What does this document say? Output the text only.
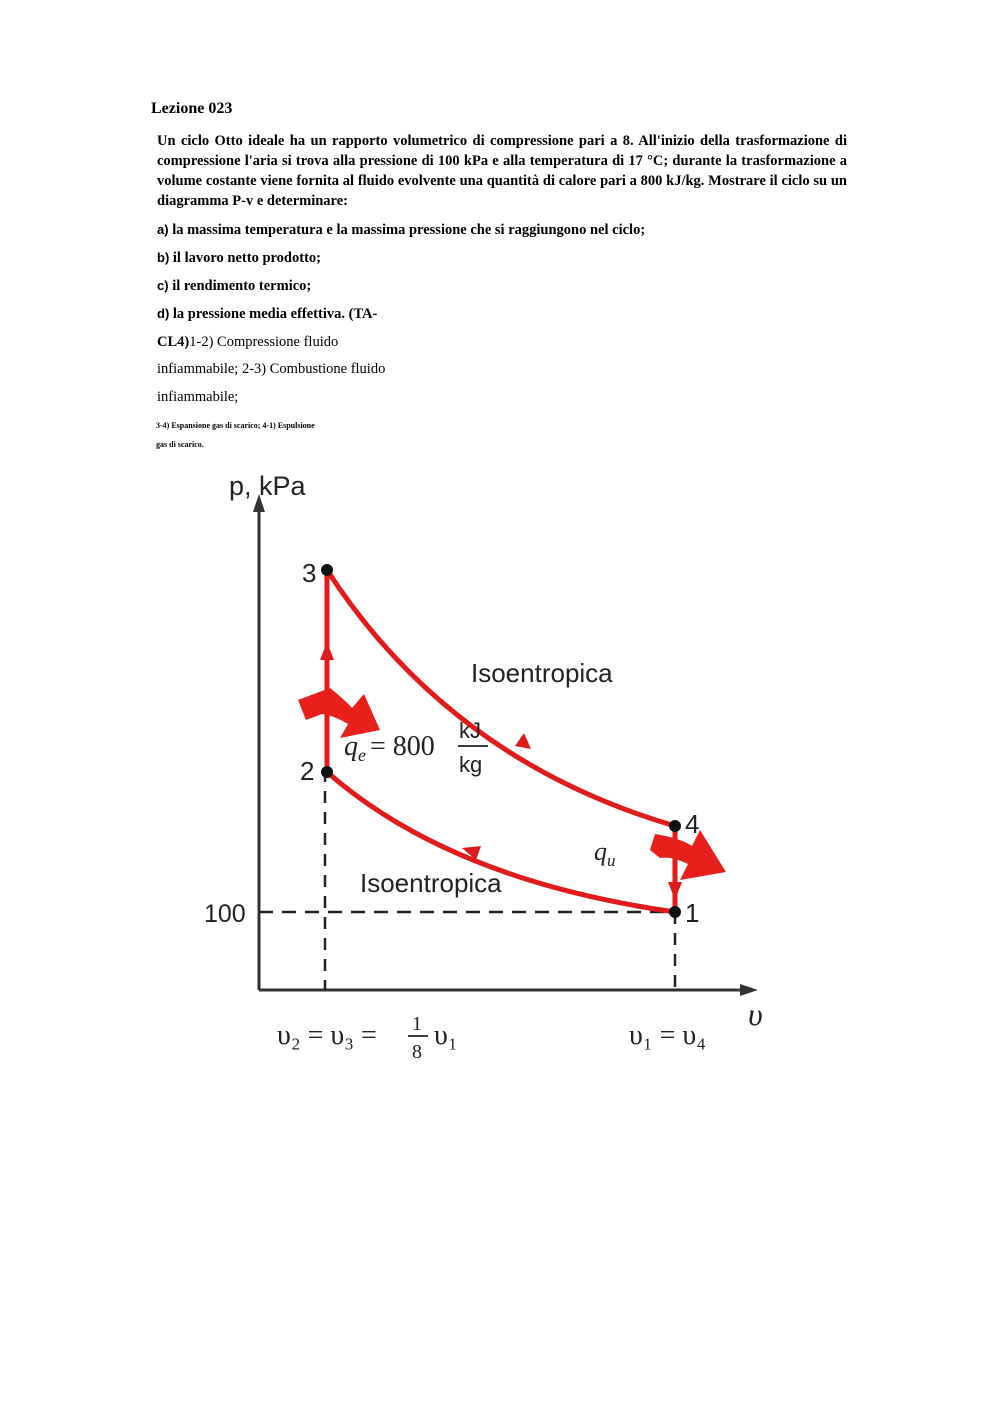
Lezione 023
Un ciclo Otto ideale ha un rapporto volumetrico di compressione pari a 8. All'inizio della trasformazione di compressione l'aria si trova alla pressione di 100 kPa e alla temperatura di 17 °C; durante la trasformazione a volume costante viene fornita al fluido evolvente una quantità di calore pari a 800 kJ/kg. Mostrare il ciclo su un diagramma P-v e determinare:
a) la massima temperatura e la massima pressione che si raggiungono nel ciclo;
b) il lavoro netto prodotto;
c) il rendimento termico;
d) la pressione media effettiva. (TA-
CL4)1-2) Compressione fluido
infiammabile; 2-3) Combustione fluido
infiammabile;
3-4) Espansione gas di scarico; 4-1) Espulsione
gas di scarico.
p, kPa
υ
100	1
2
3
4
Isoentropica
Isoentropica
$q_e = 800$
kJ
kg
$q_u$
υ₂ = υ₃ = 1
8
υ₁	υ₁ = υ₄
